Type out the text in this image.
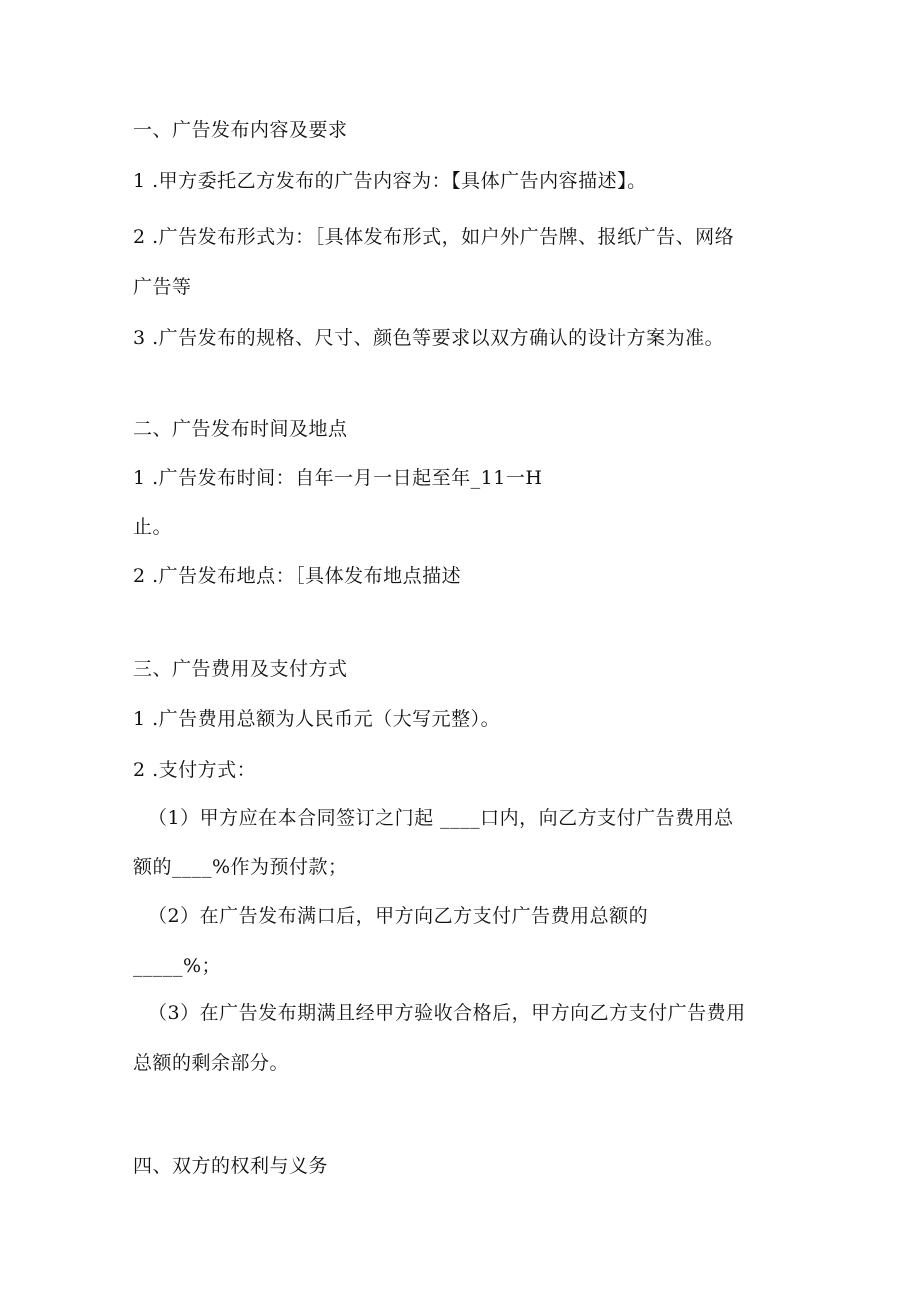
一、广告发布内容及要求
1 .甲方委托乙方发布的广告内容为：【具体广告内容描述】。
2 .广告发布形式为：［具体发布形式，如户外广告牌、报纸广告、网络
广告等
3 .广告发布的规格、尺寸、颜色等要求以双方确认的设计方案为准。
二、广告发布时间及地点
1 .广告发布时间：自年一月一日起至年_11一H
止。
2 .广告发布地点：［具体发布地点描述
三、广告费用及支付方式
1 .广告费用总额为人民币元（大写元整）。
2 .支付方式：
（1）甲方应在本合同签订之门起 ____口内，向乙方支付广告费用总
额的____%作为预付款；
（2）在广告发布满口后，甲方向乙方支付广告费用总额的
_____%；
（3）在广告发布期满且经甲方验收合格后，甲方向乙方支付广告费用
总额的剩余部分。
四、双方的权利与义务
